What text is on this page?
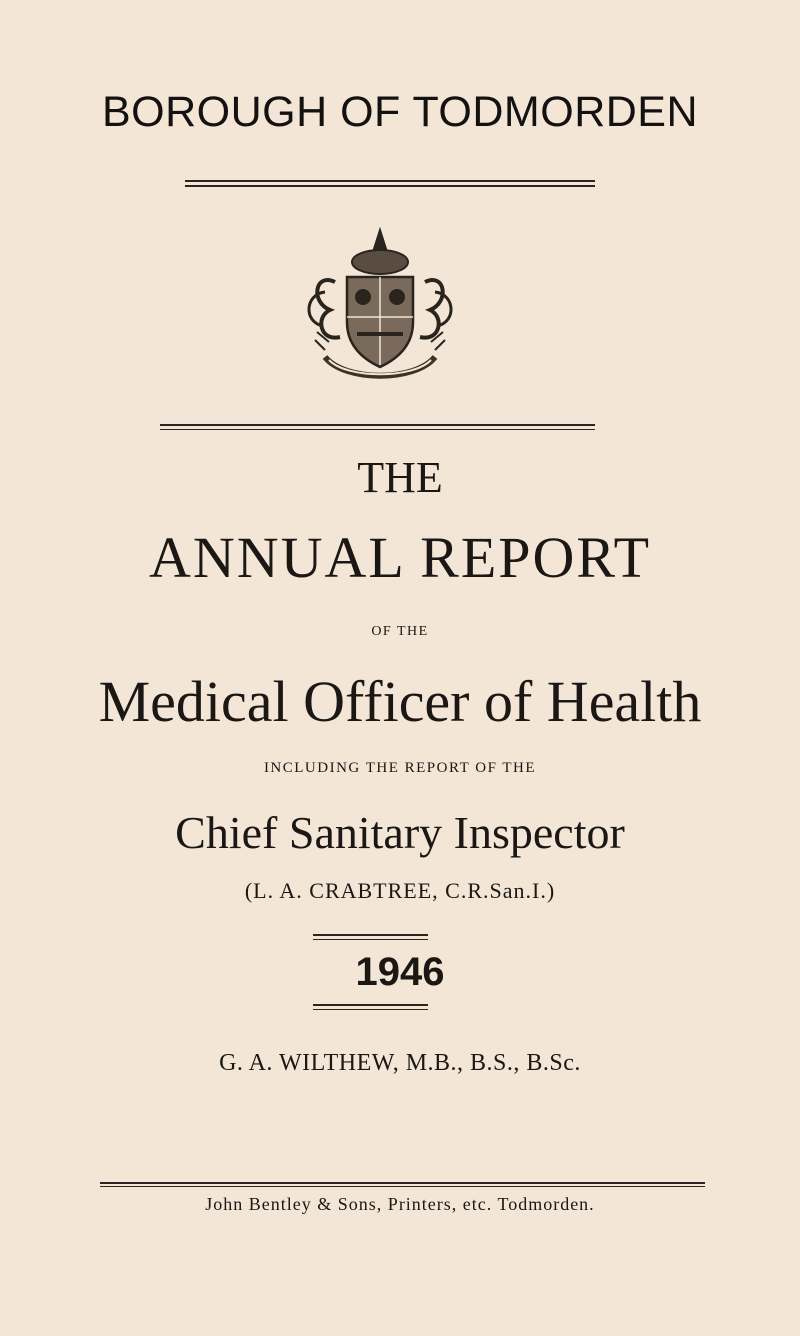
BOROUGH OF TODMORDEN
THE
ANNUAL REPORT
OF THE
Medical Officer of Health
INCLUDING THE REPORT OF THE
Chief Sanitary Inspector
(L. A. CRABTREE, C.R.San.I.)
1946
G. A. WILTHEW, M.B., B.S., B.Sc.
John Bentley & Sons, Printers, etc. Todmorden.
